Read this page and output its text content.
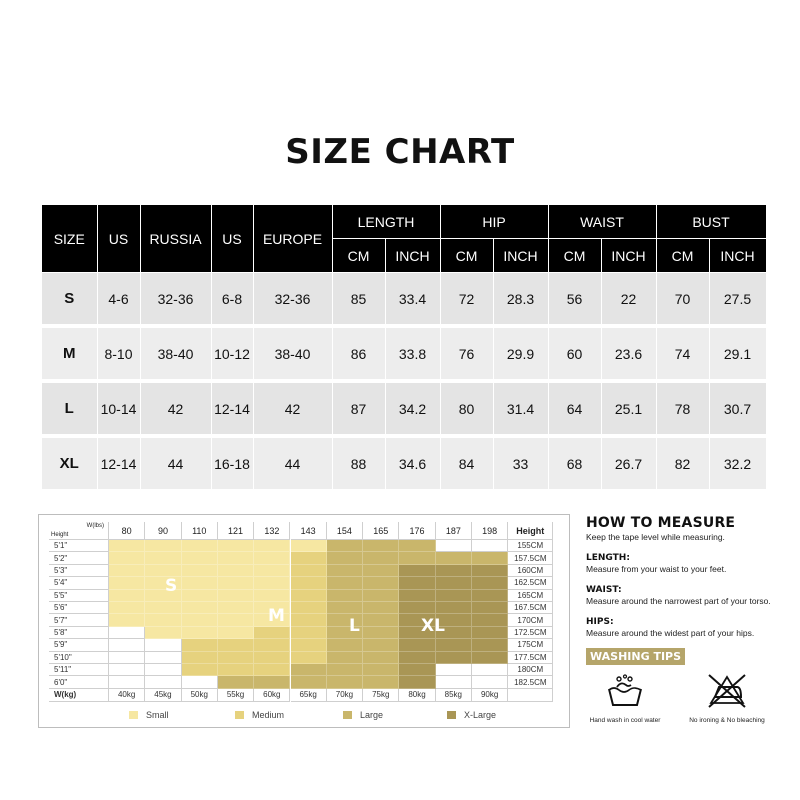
SIZE CHART
SIZE	US	RUSSIA	US	EUROPE	LENGTH		HIP		WAIST		BUST	
					CM	INCH	CM	INCH	CM	INCH	CM	INCH
S	4-6	32-36	6-8	32-36	85	33.4	72	28.3	56	22	70	27.5
M	8-10	38-40	10-12	38-40	86	33.8	76	29.9	60	23.6	74	29.1
L	10-14	42	12-14	42	87	34.2	80	31.4	64	25.1	78	30.7
XL	12-14	44	16-18	44	88	34.6	84	33	68	26.7	82	32.2
W(lbs)
Height	80	90	110	121	132	143	154	165	176	187	198	Height
5'1"	155CM
5'2"	157.5CM
5'3"	160CM
5'4"	162.5CM
5'5"	165CM
5'6"	167.5CM
5'7"	170CM
5'8"	172.5CM
5'9"	175CM
5'10"	177.5CM
5'11"	180CM
6'0"	182.5CM
W(kg)	40kg	45kg	50kg	55kg	60kg	65kg	70kg	75kg	80kg	85kg	90kg
S
M	L	XL
Small	Medium	Large	X-Large
HOW TO MEASURE
Keep the tape level while measuring.
LENGTH:
Measure from your waist to your feet.
WAIST:
Measure around the narrowest part of your torso.
HIPS:
Measure around the widest part of your hips.
WASHING TIPS
Hand wash in cool water	No ironing & No bleaching
